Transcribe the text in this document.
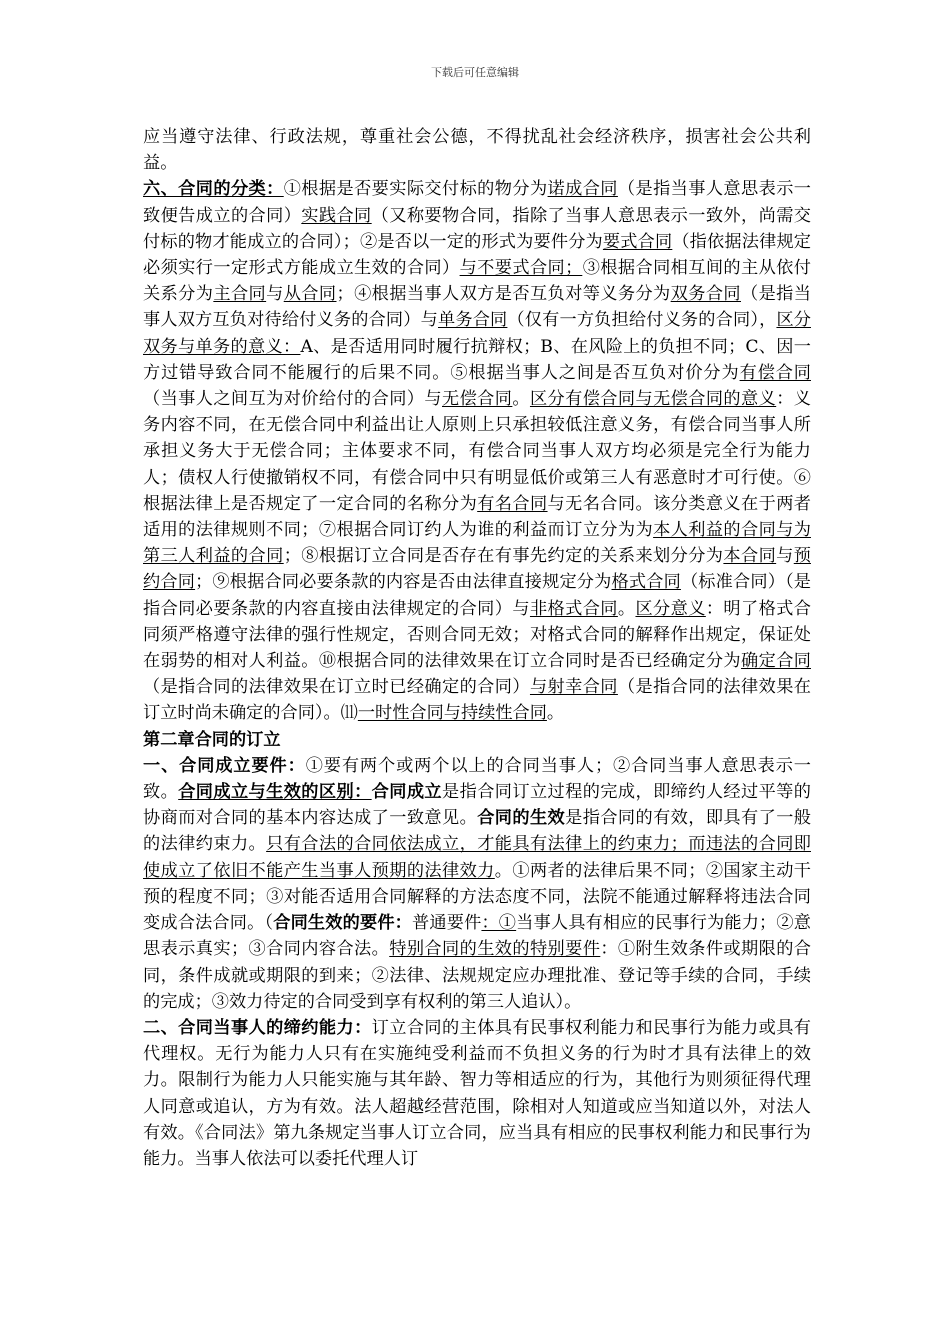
下载后可任意编辑

应当遵守法律、行政法规，尊重社会公德，不得扰乱社会经济秩序，损害社会公共利益。

六、合同的分类：①根据是否要实际交付标的物分为诺成合同（是指当事人意思表示一致便告成立的合同）实践合同（又称要物合同，指除了当事人意思表示一致外，尚需交付标的物才能成立的合同）；②是否以一定的形式为要件分为要式合同（指依据法律规定必须实行一定形式方能成立生效的合同）与不要式合同；③根据合同相互间的主从依付关系分为主合同与从合同；④根据当事人双方是否互负对等义务分为双务合同（是指当事人双方互负对待给付义务的合同）与单务合同（仅有一方负担给付义务的合同），区分双务与单务的意义：A、是否适用同时履行抗辩权；B、在风险上的负担不同；C、因一方过错导致合同不能履行的后果不同。⑤根据当事人之间是否互负对价分为有偿合同（当事人之间互为对价给付的合同）与无偿合同。区分有偿合同与无偿合同的意义：义务内容不同，在无偿合同中利益出让人原则上只承担较低注意义务，有偿合同当事人所承担义务大于无偿合同；主体要求不同，有偿合同当事人双方均必须是完全行为能力人；债权人行使撤销权不同，有偿合同中只有明显低价或第三人有恶意时才可行使。⑥根据法律上是否规定了一定合同的名称分为有名合同与无名合同。该分类意义在于两者适用的法律规则不同；⑦根据合同订约人为谁的利益而订立分为为本人利益的合同与为第三人利益的合同；⑧根据订立合同是否存在有事先约定的关系来划分分为本合同与预约合同；⑨根据合同必要条款的内容是否由法律直接规定分为格式合同（标准合同）（是指合同必要条款的内容直接由法律规定的合同）与非格式合同。区分意义：明了格式合同须严格遵守法律的强行性规定，否则合同无效；对格式合同的解释作出规定，保证处在弱势的相对人利益。⑩根据合同的法律效果在订立合同时是否已经确定分为确定合同（是指合同的法律效果在订立时已经确定的合同）与射幸合同（是指合同的法律效果在订立时尚未确定的合同）。⑾一时性合同与持续性合同。

第二章合同的订立

一、合同成立要件：①要有两个或两个以上的合同当事人；②合同当事人意思表示一致。合同成立与生效的区别：合同成立是指合同订立过程的完成，即缔约人经过平等的协商而对合同的基本内容达成了一致意见。合同的生效是指合同的有效，即具有了一般的法律约束力。只有合法的合同依法成立，才能具有法律上的约束力；而违法的合同即使成立了依旧不能产生当事人预期的法律效力。①两者的法律后果不同；②国家主动干预的程度不同；③对能否适用合同解释的方法态度不同，法院不能通过解释将违法合同变成合法合同。（合同生效的要件：普通要件：①当事人具有相应的民事行为能力；②意思表示真实；③合同内容合法。特别合同的生效的特别要件：①附生效条件或期限的合同，条件成就或期限的到来；②法律、法规规定应办理批准、登记等手续的合同，手续的完成；③效力待定的合同受到享有权利的第三人追认）。

二、合同当事人的缔约能力：订立合同的主体具有民事权利能力和民事行为能力或具有代理权。无行为能力人只有在实施纯受利益而不负担义务的行为时才具有法律上的效力。限制行为能力人只能实施与其年龄、智力等相适应的行为，其他行为则须征得代理人同意或追认，方为有效。法人超越经营范围，除相对人知道或应当知道以外，对法人有效。《合同法》第九条规定当事人订立合同，应当具有相应的民事权利能力和民事行为能力。当事人依法可以委托代理人订
